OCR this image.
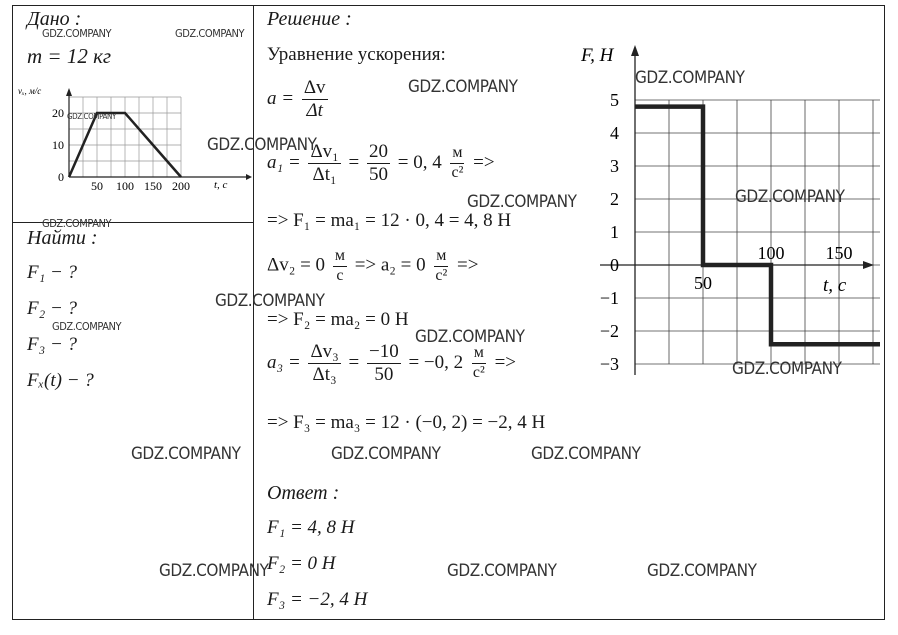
Дано :
m = 12 кг
vₓ, м/с
t, с
20
10
0
50 100 150 200
Найти :
F₁ − ?
F₂ − ?
F₃ − ?
Fₓ(t) − ?
Решение :
Уравнение ускорения:
$a = \frac{\Delta v}{\Delta t}$
$a_1 = \frac{\text{Δv₁}}{\text{Δt₁}} = \frac{20}{50} = 0$, $4 \frac{м}{\text{c²}}$ =>
=> F₁ = ma₁ = 12 · 0, 4 = 4, 8 Н
$\Delta v_2 = 0 \frac{м}{c} => a_2 = 0 \frac{м}{\text{c²}}$ =>
=> F₂ = ma₂ = 0 Н
$a_3 = \frac{\text{Δv₃}}{\text{Δt₃}} = \frac{-10}{50} = -0$, $2 \frac{м}{\text{c²}}$ =>
=> F₃ = ma₃ = 12 · (−0, 2) = −2, 4 Н
Ответ :
F₁ = 4, 8 Н
F₂ = 0 Н
F₃ = −2, 4 Н
F, Н
t, с
5
4
3
2
1
0
−1
−2
−3
50
100 150
GDZ.COMPANY	GDZ.COMPANY
GDZ.COMPANY
GDZ.COMPANY
GDZ.COMPANY
GDZ.COMPANY
GDZ.COMPANY	GDZ.COMPANY
GDZ.COMPANY
GDZ.COMPANY
GDZ.COMPANY
GDZ.COMPANY
GDZ.COMPANY
GDZ.COMPANY	GDZ.COMPANY	GDZ.COMPANY
GDZ.COMPANY	GDZ.COMPANY	GDZ.COMPANY
